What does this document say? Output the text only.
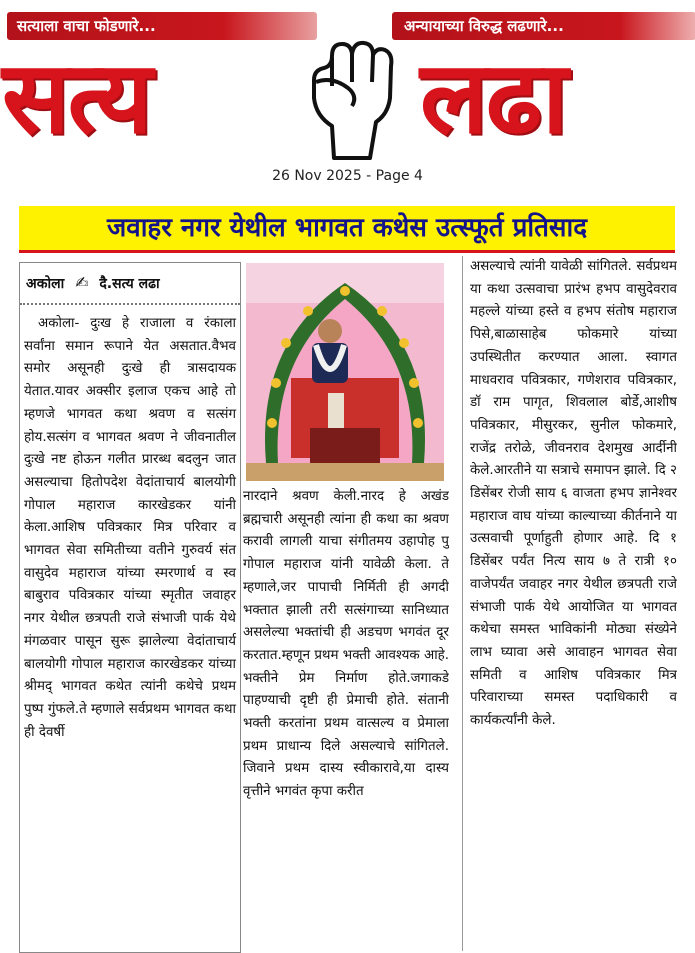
सत्याला वाचा फोडणारे...	अन्यायाच्या विरुद्ध लढणारे...
सत्य	लढा
26 Nov 2025 - Page 4
जवाहर नगर येथील भागवत कथेस उत्स्फूर्त प्रतिसाद
अकोला ✍ दै.सत्य लढा

अकोला- दुःख हे राजाला व रंकाला सर्वांना समान रूपाने येत असतात.वैभव समोर असूनही दुःखे ही त्रासदायक येतात.यावर अक्सीर इलाज एकच आहे तो म्हणजे भागवत कथा श्रवण व सत्संग होय.सत्संग व भागवत श्रवण ने जीवनातील दुःखे नष्ट होऊन गलीत प्रारब्ध बदलुन जात असल्याचा हितोपदेश वेदांताचार्य बालयोगी गोपाल महाराज कारखेडकर यांनी केला.आशिष पवित्रकार मित्र परिवार व भागवत सेवा समितीच्या वतीने गुरुवर्य संत वासुदेव महाराज यांच्या स्मरणार्थ व स्व बाबुराव पवित्रकार यांच्या स्मृतीत जवाहर नगर येथील छत्रपती राजे संभाजी पार्क येथे मंगळवार पासून सुरू झालेल्या वेदांताचार्य बालयोगी गोपाल महाराज कारखेडकर यांच्या श्रीमद् भागवत कथेत त्यांनी कथेचे प्रथम पुष्प गुंफले.ते म्हणाले सर्वप्रथम भागवत कथा ही देवर्षी

नारदाने श्रवण केली.नारद हे अखंड ब्रह्मचारी असूनही त्यांना ही कथा का श्रवण करावी लागली याचा संगीतमय उहापोह पु गोपाल महाराज यांनी यावेळी केला. ते म्हणाले,जर पापाची निर्मिती ही अगदी भक्तात झाली तरी सत्संगाच्या सानिध्यात असलेल्या भक्तांची ही अडचण भगवंत दूर करतात.म्हणून प्रथम भक्ती आवश्यक आहे. भक्तीने प्रेम निर्माण होते.जगाकडे पाहण्याची दृष्टी ही प्रेमाची होते. संतानी भक्ती करतांना प्रथम वात्सल्य व प्रेमाला प्रथम प्राधान्य दिले असल्याचे सांगितले. जिवाने प्रथम दास्य स्वीकारावे,या दास्य वृत्तीने भगवंत कृपा करीत

असल्याचे त्यांनी यावेळी सांगितले. सर्वप्रथम या कथा उत्सवाचा प्रारंभ हभप वासुदेवराव महल्ले यांच्या हस्ते व हभप संतोष महाराज पिसे,बाळासाहेब फोकमारे यांच्या उपस्थितीत करण्यात आला. स्वागत माधवराव पवित्रकार, गणेशराव पवित्रकार, डॉ राम पागृत, शिवलाल बोर्डे,आशीष पवित्रकार, मीसुरकर, सुनील फोकमारे, राजेंद्र तरोळे, जीवनराव देशमुख आर्दीनी केले.आरतीने या सत्राचे समापन झाले. दि २ डिसेंबर रोजी साय ६ वाजता हभप ज्ञानेश्वर महाराज वाघ यांच्या काल्याच्या कीर्तनाने या उत्सवाची पूर्णाहुती होणार आहे. दि १ डिसेंबर पर्यंत नित्य साय ७ ते रात्री १० वाजेपर्यंत जवाहर नगर येथील छत्रपती राजे संभाजी पार्क येथे आयोजित या भागवत कथेचा समस्त भाविकांनी मोठ्या संख्येने लाभ घ्यावा असे आवाहन भागवत सेवा समिती व आशिष पवित्रकार मित्र परिवाराच्या समस्त पदाधिकारी व कार्यकर्त्यांनी केले.
